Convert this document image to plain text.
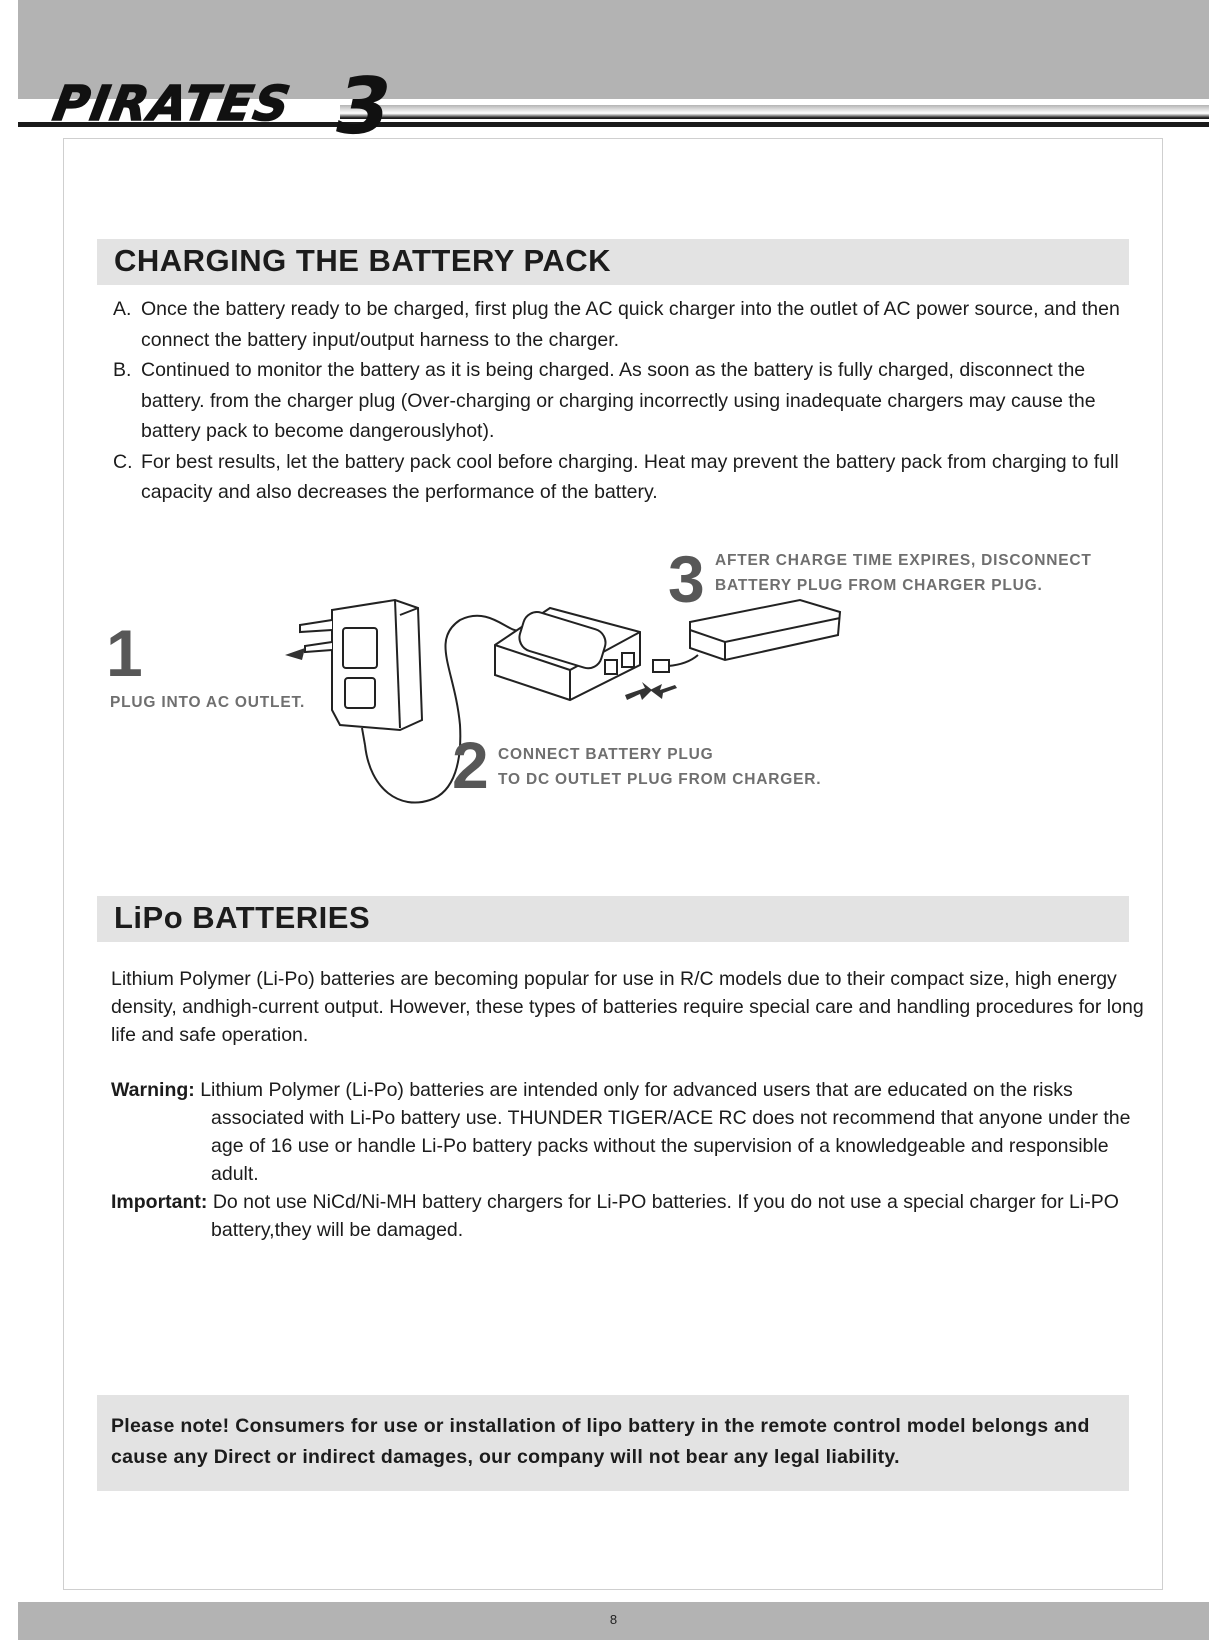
PIRATES 3
CHARGING THE BATTERY PACK
A. Once the battery ready to be charged, first plug the AC quick charger into the outlet of AC power source, and then connect the battery input/output harness to the charger.
B. Continued to monitor the battery as it is being charged. As soon as the battery is fully charged, disconnect the battery. from the charger plug (Over-charging or charging incorrectly using inadequate chargers may cause the battery pack to become dangerouslyhot).
C. For best results, let the battery pack cool before charging. Heat may prevent the battery pack from charging to full capacity and also decreases the performance of the battery.
1
PLUG INTO AC OUTLET.
2 CONNECT BATTERY PLUG
TO DC OUTLET PLUG FROM CHARGER.
3 AFTER CHARGE TIME EXPIRES, DISCONNECT
BATTERY PLUG FROM CHARGER PLUG.
LiPo BATTERIES
Lithium Polymer (Li-Po) batteries are becoming popular for use in R/C models due to their compact size, high energy density, andhigh-current output. However, these types of batteries require special care and handling procedures for long life and safe operation.
Warning: Lithium Polymer (Li-Po) batteries are intended only for advanced users that are educated on the risks associated with Li-Po battery use. THUNDER TIGER/ACE RC does not recommend that anyone under the age of 16 use or handle Li-Po battery packs without the supervision of a knowledgeable and responsible adult.
Important: Do not use NiCd/Ni-MH battery chargers for Li-PO batteries. If you do not use a special charger for Li-PO battery,they will be damaged.
Please note! Consumers for use or installation of lipo battery in the remote control model belongs and cause any Direct or indirect damages, our company will not bear any legal liability.
8
